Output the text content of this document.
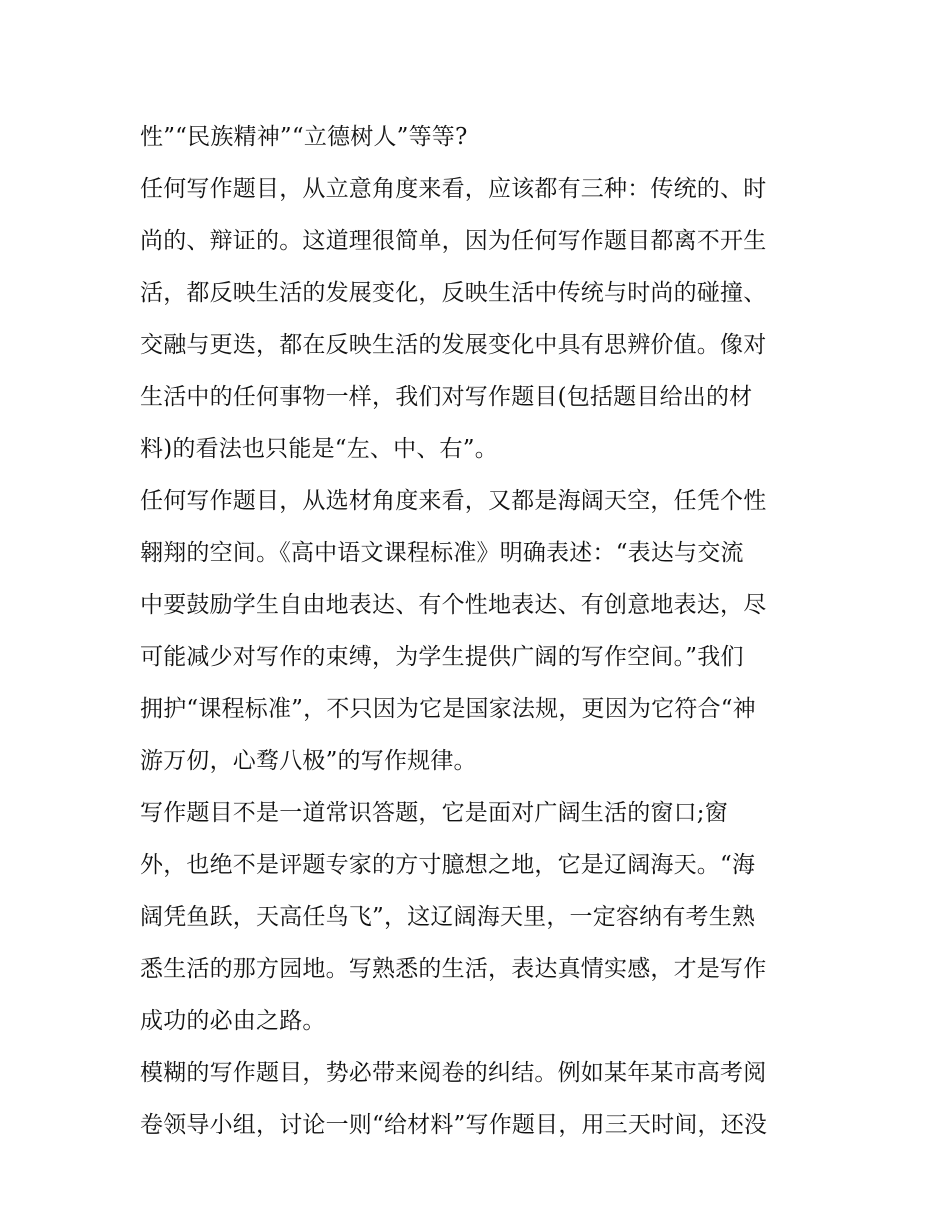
性”“民族精神”“立德树人”等等?
任何写作题目，从立意角度来看，应该都有三种：传统的、时
尚的、辩证的。这道理很简单，因为任何写作题目都离不开生
活，都反映生活的发展变化，反映生活中传统与时尚的碰撞、
交融与更迭，都在反映生活的发展变化中具有思辨价值。像对
生活中的任何事物一样，我们对写作题目(包括题目给出的材
料)的看法也只能是“左、中、右”。
任何写作题目，从选材角度来看，又都是海阔天空，任凭个性
翱翔的空间。《高中语文课程标准》明确表述：“表达与交流
中要鼓励学生自由地表达、有个性地表达、有创意地表达，尽
可能减少对写作的束缚，为学生提供广阔的写作空间。”我们
拥护“课程标准”，不只因为它是国家法规，更因为它符合“神
游万仞，心骛八极”的写作规律。
写作题目不是一道常识答题，它是面对广阔生活的窗口;窗
外，也绝不是评题专家的方寸臆想之地，它是辽阔海天。“海
阔凭鱼跃，天高任鸟飞”，这辽阔海天里，一定容纳有考生熟
悉生活的那方园地。写熟悉的生活，表达真情实感，才是写作
成功的必由之路。
模糊的写作题目，势必带来阅卷的纠结。例如某年某市高考阅
卷领导小组，讨论一则“给材料”写作题目，用三天时间，还没
